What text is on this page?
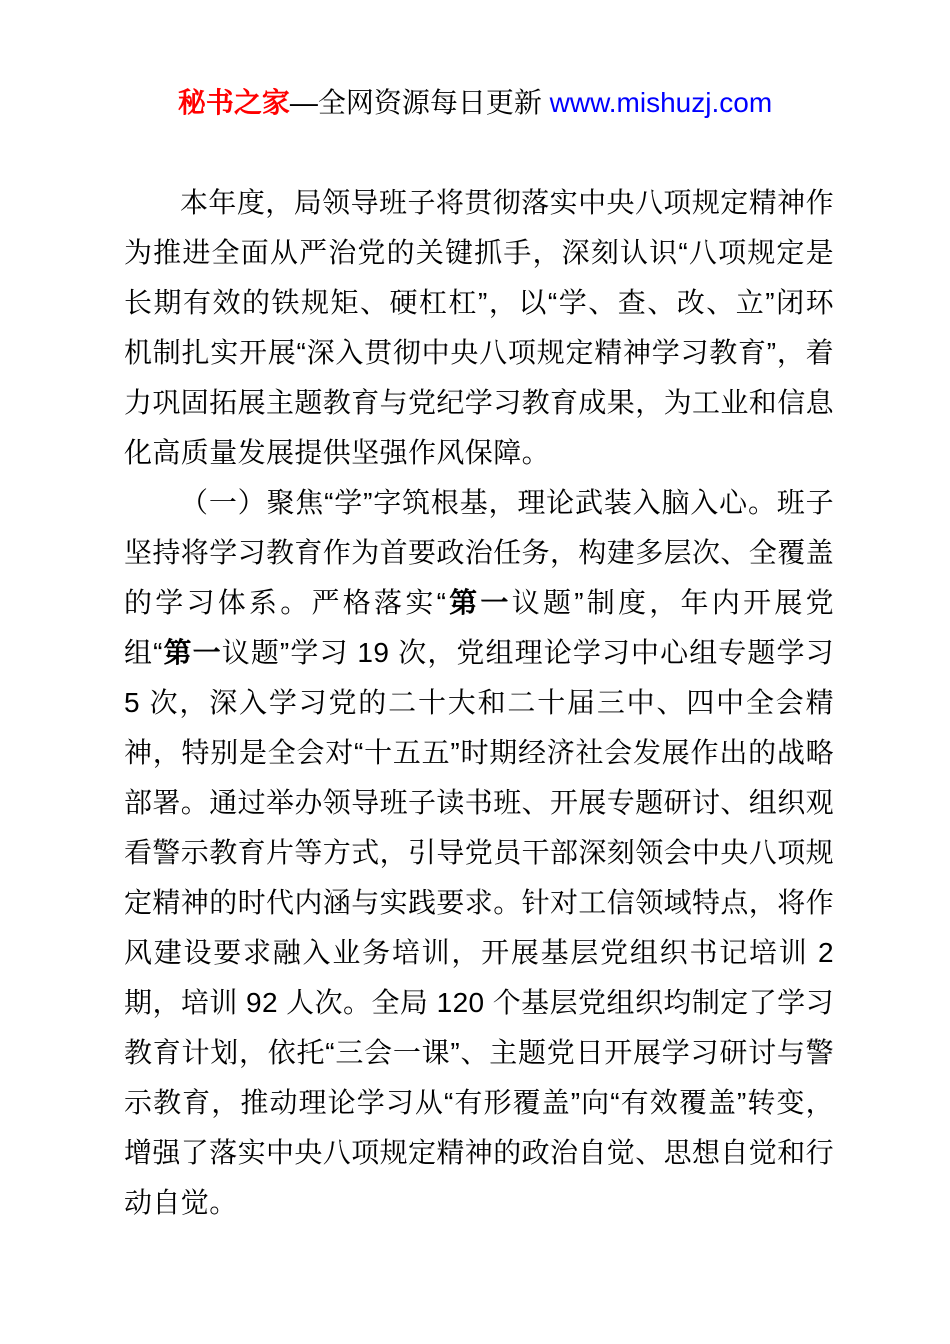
秘书之家—全网资源每日更新 www.mishuzj.com

本年度，局领导班子将贯彻落实中央八项规定精神作为推进全面从严治党的关键抓手，深刻认识“八项规定是长期有效的铁规矩、硬杠杠”，以“学、查、改、立”闭环机制扎实开展“深入贯彻中央八项规定精神学习教育”，着力巩固拓展主题教育与党纪学习教育成果，为工业和信息化高质量发展提供坚强作风保障。

（一）聚焦“学”字筑根基，理论武装入脑入心。班子坚持将学习教育作为首要政治任务，构建多层次、全覆盖的学习体系。严格落实“第一议题”制度，年内开展党组“第一议题”学习 19 次，党组理论学习中心组专题学习 5 次，深入学习党的二十大和二十届三中、四中全会精神，特别是全会对“十五五”时期经济社会发展作出的战略部署。通过举办领导班子读书班、开展专题研讨、组织观看警示教育片等方式，引导党员干部深刻领会中央八项规定精神的时代内涵与实践要求。针对工信领域特点，将作风建设要求融入业务培训，开展基层党组织书记培训 2 期，培训 92 人次。全局 120 个基层党组织均制定了学习教育计划，依托“三会一课”、主题党日开展学习研讨与警示教育，推动理论学习从“有形覆盖”向“有效覆盖”转变，增强了落实中央八项规定精神的政治自觉、思想自觉和行动自觉。
